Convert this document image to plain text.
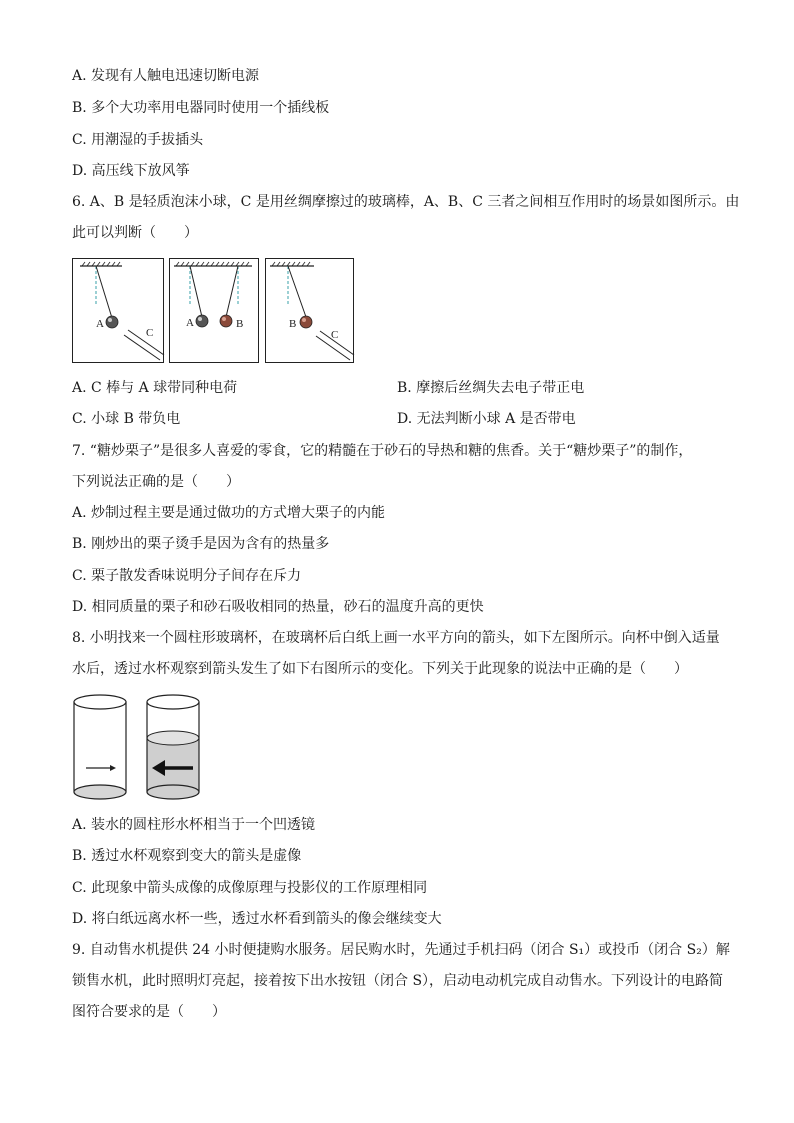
A. 发现有人触电迅速切断电源
B. 多个大功率用电器同时使用一个插线板
C. 用潮湿的手拔插头
D. 高压线下放风筝
6. A、B 是轻质泡沫小球，C 是用丝绸摩擦过的玻璃棒，A、B、C 三者之间相互作用时的场景如图所示。由
此可以判断（　　）
A
C
A	B	B
C
A. C 棒与 A 球带同种电荷	B. 摩擦后丝绸失去电子带正电
C. 小球 B 带负电	D. 无法判断小球 A 是否带电
7. “糖炒栗子”是很多人喜爱的零食，它的精髓在于砂石的导热和糖的焦香。关于“糖炒栗子”的制作，
下列说法正确的是（　　）
A. 炒制过程主要是通过做功的方式增大栗子的内能
B. 刚炒出的栗子烫手是因为含有的热量多
C. 栗子散发香味说明分子间存在斥力
D. 相同质量的栗子和砂石吸收相同的热量，砂石的温度升高的更快
8. 小明找来一个圆柱形玻璃杯，在玻璃杯后白纸上画一水平方向的箭头，如下左图所示。向杯中倒入适量
水后，透过水杯观察到箭头发生了如下右图所示的变化。下列关于此现象的说法中正确的是（　　）
A. 装水的圆柱形水杯相当于一个凹透镜
B. 透过水杯观察到变大的箭头是虚像
C. 此现象中箭头成像的成像原理与投影仪的工作原理相同
D. 将白纸远离水杯一些，透过水杯看到箭头的像会继续变大
9. 自动售水机提供 24 小时便捷购水服务。居民购水时，先通过手机扫码（闭合 S₁）或投币（闭合 S₂）解
锁售水机，此时照明灯亮起，接着按下出水按钮（闭合 S），启动电动机完成自动售水。下列设计的电路简
图符合要求的是（　　）
